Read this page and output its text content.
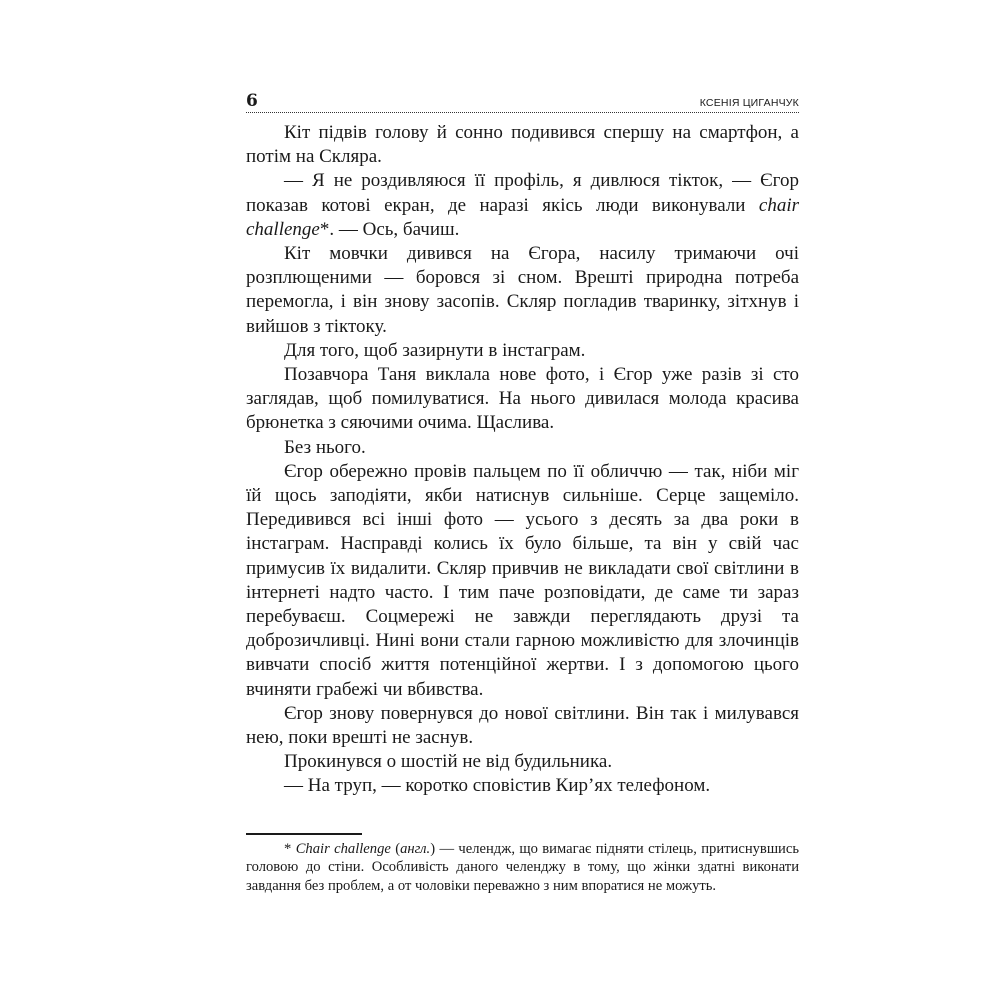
6	КСЕНІЯ ЦИГАНЧУК

Кіт підвів голову й сонно подивився спершу на смартфон, а потім на Скляра.

— Я не роздивляюся її профіль, я дивлюся тікток, — Єгор показав котові екран, де наразі якісь люди виконували chair challenge*. — Ось, бачиш.

Кіт мовчки дивився на Єгора, насилу тримаючи очі розплющеними — боровся зі сном. Врешті природна потреба перемогла, і він знову засопів. Скляр погладив тваринку, зітхнув і вийшов з тіктоку.

Для того, щоб зазирнути в інстаграм.

Позавчора Таня виклала нове фото, і Єгор уже разів зі сто заглядав, щоб помилуватися. На нього дивилася молода красива брюнетка з сяючими очима. Щаслива.

Без нього.

Єгор обережно провів пальцем по її обличчю — так, ніби міг їй щось заподіяти, якби натиснув сильніше. Серце защеміло. Передивився всі інші фото — усього з десять за два роки в інстаграм. Насправді колись їх було більше, та він у свій час примусив їх видалити. Скляр привчив не викладати свої світлини в інтернеті надто часто. І тим паче розповідати, де саме ти зараз перебуваєш. Соцмережі не завжди переглядають друзі та доброзичливці. Нині вони стали гарною можливістю для злочинців вивчати спосіб життя потенційної жертви. І з допомогою цього вчиняти грабежі чи вбивства.

Єгор знову повернувся до нової світлини. Він так і милувався нею, поки врешті не заснув.

Прокинувся о шостій не від будильника.

— На труп, — коротко сповістив Кир’ях телефоном.

* Chair challenge (англ.) — челендж, що вимагає підняти стілець, притиснувшись головою до стіни. Особливість даного челенджу в тому, що жінки здатні виконати завдання без проблем, а от чоловіки переважно з ним впоратися не можуть.
